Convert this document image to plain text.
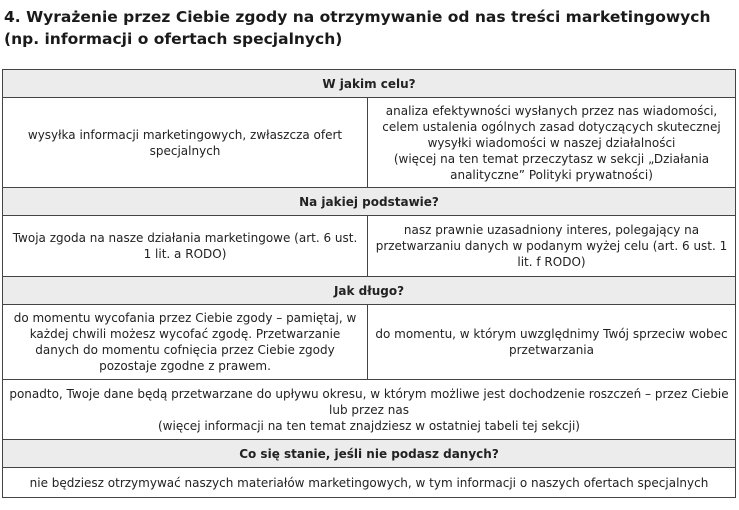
4. Wyrażenie przez Ciebie zgody na otrzymywanie od nas treści marketingowych (np. informacji o ofertach specjalnych)
W jakim celu?	

wysyłka informacji marketingowych, zwłaszcza ofert specjalnych	analiza efektywności wysłanych przez nas wiadomości, celem ustalenia ogólnych zasad dotyczących skutecznej wysyłki wiadomości w naszej działalności
(więcej na ten temat przeczytasz w sekcji „Działania analityczne” Polityki prywatności)

Na jakiej podstawie?	

Twoja zgoda na nasze działania marketingowe (art. 6 ust. 1 lit. a RODO)	nasz prawnie uzasadniony interes, polegający na przetwarzaniu danych w podanym wyżej celu (art. 6 ust. 1 lit. f RODO)

Jak długo?	

do momentu wycofania przez Ciebie zgody – pamiętaj, w każdej chwili możesz wycofać zgodę. Przetwarzanie danych do momentu cofnięcia przez Ciebie zgody pozostaje zgodne z prawem.	do momentu, w którym uwzględnimy Twój sprzeciw wobec przetwarzania

ponadto, Twoje dane będą przetwarzane do upływu okresu, w którym możliwe jest dochodzenie roszczeń – przez Ciebie lub przez nas
(więcej informacji na ten temat znajdziesz w ostatniej tabeli tej sekcji)	

Co się stanie, jeśli nie podasz danych?	

nie będziesz otrzymywać naszych materiałów marketingowych, w tym informacji o naszych ofertach specjalnych	
